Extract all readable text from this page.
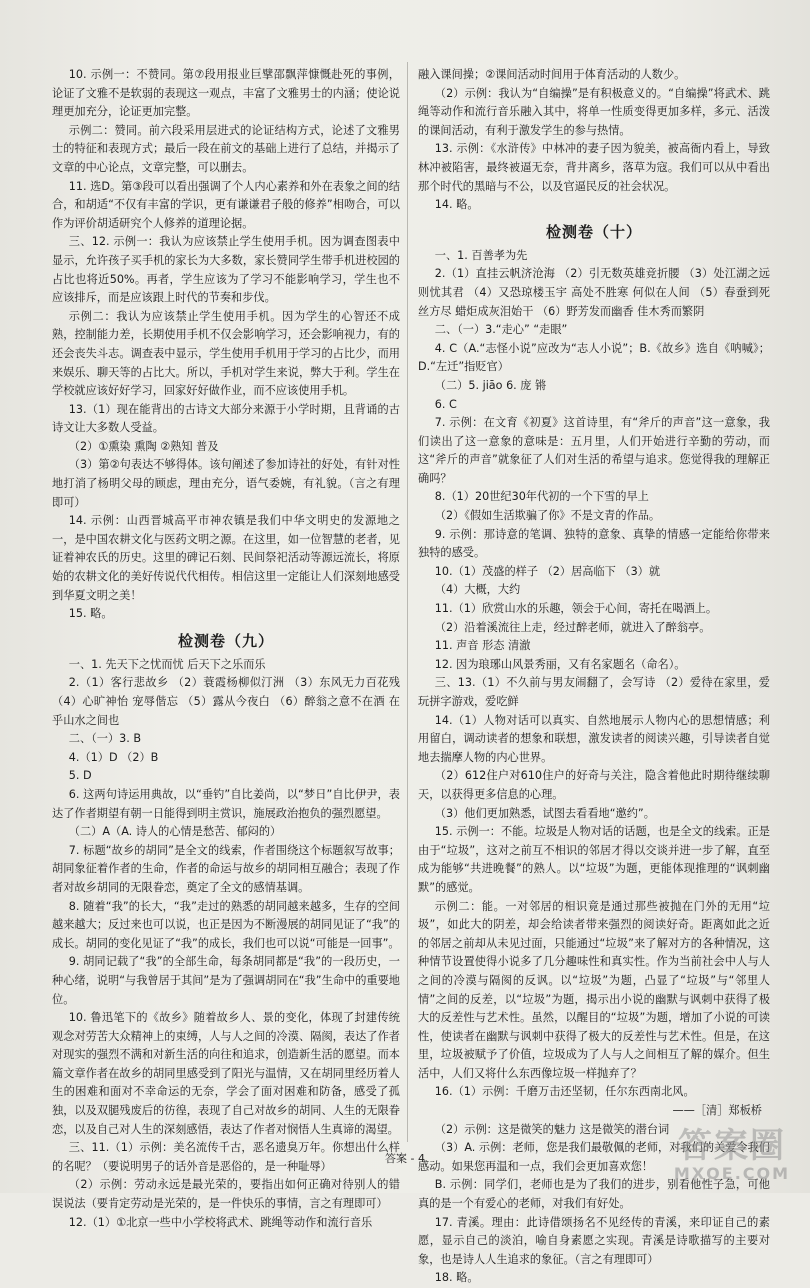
10. 示例一：不赞同。第⑦段用报业巨擘邵飘萍慷慨赴死的事例，论证了文雅不是软弱的表现这一观点，丰富了文雅男士的内涵；使论说理更加充分，论证更加完整。

示例二：赞同。前六段采用层进式的论证结构方式，论述了文雅男士的特征和表现方式；最后一段在前文的基础上进行了总结，并揭示了文章的中心论点，文章完整，可以删去。

11. 选D。第③段可以看出强调了个人内心素养和外在表象之间的结合，和胡适“不仅有丰富的学识，更有谦谦君子般的修养”相吻合，可以作为评价胡适研究个人修养的道理论据。

三、12. 示例一：我认为应该禁止学生使用手机。因为调查图表中显示，允许孩子买手机的家长为大多数，家长赞同学生带手机进校园的占比也将近50%。再者，学生应该为了学习不能影响学习，学生也不应该排斥，而是应该跟上时代的节奏和步伐。

示例二：我认为应该禁止学生使用手机。因为学生的心智还不成熟，控制能力差，长期使用手机不仅会影响学习，还会影响视力，有的还会丧失斗志。调查表中显示，学生使用手机用于学习的占比少，而用来娱乐、聊天等的占比大。所以，手机对学生来说，弊大于利。学生在学校就应该好好学习，回家好好做作业，而不应该使用手机。

13.（1）现在能背出的古诗文大部分来源于小学时期，且背诵的古诗文让大多数人受益。

（2）①熏染 熏陶 ②熟知 普及

（3）第②句表达不够得体。该句阐述了参加诗社的好处，有针对性地打消了杨明父母的顾虑，理由充分，语气委婉，有礼貌。（言之有理即可）

14. 示例：山西晋城高平市神农镇是我们中华文明史的发源地之一，是中国农耕文化与医药文明之源。在这里，如一位智慧的老者，见证着神农氏的历史。这里的碑记石刻、民间祭祀活动等源远流长，将原始的农耕文化的美好传说代代相传。相信这里一定能让人们深刻地感受到华夏文明之美！

15. 略。

检测卷（九）

一、1. 先天下之忧而忧 后天下之乐而乐

2.（1）客行悲故乡 （2）蓑霞杨柳似汀洲 （3）东风无力百花残 （4）心旷神怡 宠辱偕忘 （5）露从今夜白 （6）醉翁之意不在酒 在乎山水之间也

二、（一）3. B

4.（1）D （2）B

5. D

6. 这两句诗运用典故，以“垂钓”自比姜尚，以“梦日”自比伊尹，表达了作者期望有朝一日能得到明主赏识，施展政治抱负的强烈愿望。

（二）A（A. 诗人的心情是愁苦、郁闷的）

7. 标题“故乡的胡同”是全文的线索，作者围绕这个标题叙写故事；胡同象征着作者的生命，作者的命运与故乡的胡同相互融合；表现了作者对故乡胡同的无限眷恋，奠定了全文的感情基调。

8. 随着“我”的长大，“我”走过的熟悉的胡同越来越多，生存的空间越来越大；反过来也可以说，也正是因为不断漫展的胡同见证了“我”的成长。胡同的变化见证了“我”的成长，我们也可以说“可能是一回事”。

9. 胡同记载了“我”的全部生命，每条胡同都是“我”的一段历史，一种心绪，说明“与我曾居于其间”是为了强调胡同在“我”生命中的重要地位。

10. 鲁迅笔下的《故乡》随着故乡人、景的变化，体现了封建传统观念对劳苦大众精神上的束缚，人与人之间的冷漠、隔阂，表达了作者对现实的强烈不满和对新生活的向往和追求，创造新生活的愿望。而本篇文章作者在故乡的胡同里感受到了阳光与温情，又在胡同里经历着人生的困难和面对不幸命运的无奈，学会了面对困难和防备，感受了孤独，以及双腿残废后的彷徨，表现了自己对故乡的胡同、人生的无限眷恋，以及自己对人生的深刻感悟，表达了作者对悯悟人生真谛的渴望。

三、11.（1）示例：美名流传千古，恶名遗臭万年。你想出什么样的名呢？（要说明男子的话外音是恶俗的，是一种耻辱）

（2）示例：劳动永远是最光荣的，要指出如何正确对待别人的错误说法（要肯定劳动是光荣的，是一件快乐的事情，言之有理即可）

12.（1）①北京一些中小学校将武术、跳绳等动作和流行音乐

融入课间操；②课间活动时间用于体育活动的人数少。

（2）示例：我认为“自编操”是有积极意义的。“自编操”将武术、跳绳等动作和流行音乐融入其中，将单一性质变得更加多样，多元、活泼的课间活动，有利于激发学生的参与热情。

13. 示例：《水浒传》中林冲的妻子因为貌美，被高衙内看上，导致林冲被陷害，最终被逼无奈，背井离乡，落草为寇。我们可以从中看出那个时代的黑暗与不公，以及官逼民反的社会状况。

14. 略。

检测卷（十）

一、1. 百善孝为先

2.（1）直挂云帆济沧海 （2）引无数英雄竞折腰 （3）处江湖之远则忧其君 （4）又恐琼楼玉宇 高处不胜寒 何似在人间 （5）春蚕到死丝方尽 蜡炬成灰泪始干 （6）野芳发而幽香 佳木秀而繁阴

二、（一）3.“走心” “走眼”

4. C（A.“志怪小说”应改为“志人小说”；B.《故乡》选自《呐喊》；D.“左迁”指贬官）

（二）5. jiāo 6. 庞 锵

6. C

7. 示例：在文育《初夏》这首诗里，有“斧斤的声音”这一意象，我们读出了这一意象的意味是：五月里，人们开始进行辛勤的劳动，而这“斧斤的声音”就象征了人们对生活的希望与追求。您觉得我的理解正确吗？

8.（1）20世纪30年代初的一个下雪的早上

（2）《假如生活欺骗了你》不是文青的作品。

9. 示例：那诗意的笔调、独特的意象、真挚的情感一定能给你带来独特的感受。

10.（1）茂盛的样子 （2）居高临下 （3）就

（4）大概，大约

11.（1）欣赏山水的乐趣，领会于心间，寄托在喝酒上。

（2）沿着溪流往上走，经过醉老师，就进入了醉翁亭。

11. 声音 形态 清澈

12. 因为琅琊山风景秀丽，又有名家题名（命名）。

三、13.（1）不久前与男友闹翻了，会写诗 （2）爱待在家里，爱玩拼字游戏，爱吃鲜

14.（1）人物对话可以真实、自然地展示人物内心的思想情感；利用留白，调动读者的想象和联想，激发读者的阅读兴趣，引导读者自觉地去揣摩人物的内心世界。

（2）612住户对610住户的好奇与关注，隐含着他此时期待继续聊天，以获得更多信息的心理。

（3）他们更加熟悉，试图去看看地“邀约”。

15. 示例一：不能。垃圾是人物对话的话题，也是全文的线索。正是由于“垃圾”，这对之前互不相识的邻居才得以交谈并进一步了解，直至成为能够“共进晚餐”的熟人。以“垃圾”为题，更能体现推理的“讽刺幽默”的感觉。

示例二：能。一对邻居的相识竟是通过那些被抛在门外的无用“垃圾”，如此大的阴差，却会给读者带来强烈的阅读好奇。距离如此之近的邻居之前却从未见过面，只能通过“垃圾”来了解对方的各种情况，这种情节设置使得小说多了几分趣味性和真实性。作为当前社会中人与人之间的冷漠与隔阂的反讽。以“垃圾”为题，凸显了“垃圾”与“邻里人情”之间的反差，以“垃圾”为题，揭示出小说的幽默与讽刺中获得了极大的反差性与艺术性。虽然，以醒目的“垃圾”为题，增加了小说的可读性，使读者在幽默与讽刺中获得了极大的反差性与艺术性。但是，在这里，垃圾被赋予了价值，垃圾成为了人与人之间相互了解的媒介。但生活中，人们又将什么东西像垃圾一样抛弃了？

16.（1）示例：千磨万击还坚韧，任尔东西南北风。

——［清］郑板桥

（2）示例：这是微笑的魅力 这是微笑的潜台词

（3）A. 示例：老师，您是我们最敬佩的老师，对我们的关爱令我们感动。如果您再温和一点，我们会更加喜欢您！

B. 示例：同学们，老师也是为了我们的进步，别看他性子急，可他真的是一个有爱心的老师，对我们有好处。

17. 青溪。理由：此诗借颂扬名不见经传的青溪，来印证自己的素愿，显示自己的淡泊，喻自身素愿之实现。青溪是诗歌描写的主要对象，也是诗人人生追求的象征。（言之有理即可）

18. 略。

答案 - 4	答案圈
MXQE.COM
